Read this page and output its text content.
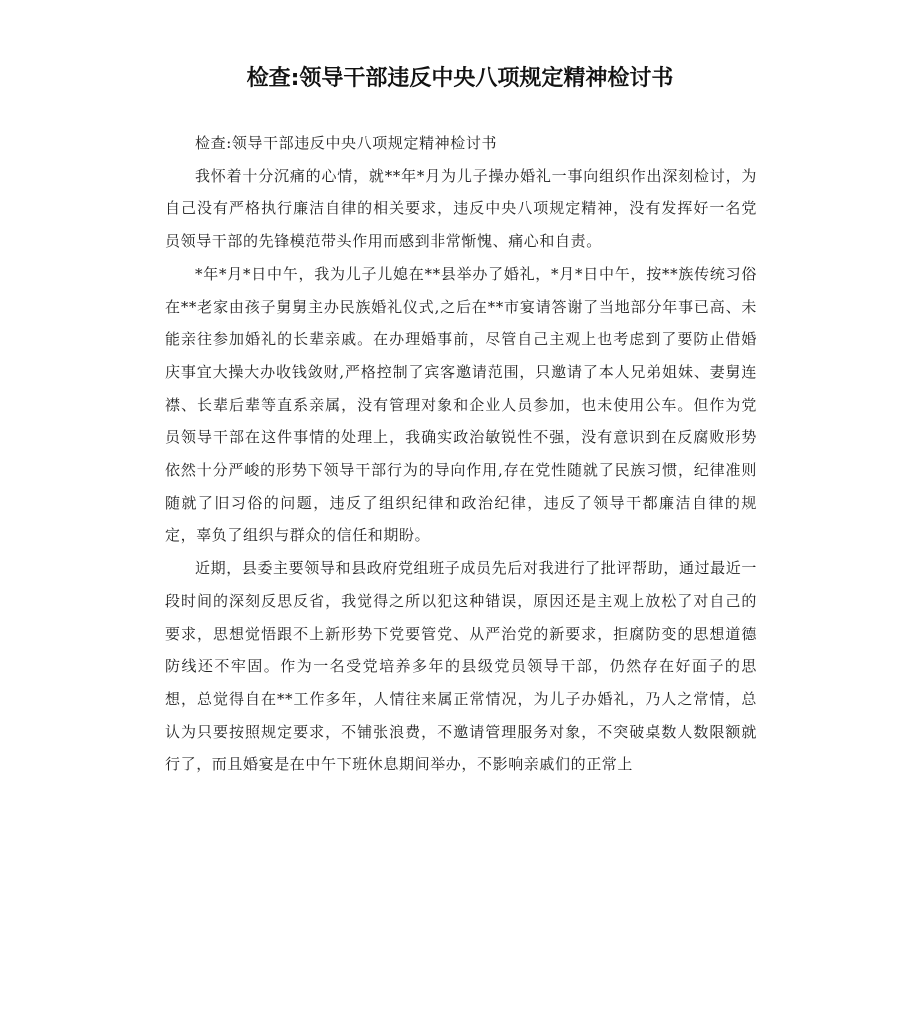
检查:领导干部违反中央八项规定精神检讨书

检查:领导干部违反中央八项规定精神检讨书

我怀着十分沉痛的心情，就**年*月为儿子操办婚礼一事向组织作出深刻检讨，为自己没有严格执行廉洁自律的相关要求，违反中央八项规定精神，没有发挥好一名党员领导干部的先锋模范带头作用而感到非常惭愧、痛心和自责。

*年*月*日中午，我为儿子儿媳在**县举办了婚礼，*月*日中午，按**族传统习俗在**老家由孩子舅舅主办民族婚礼仪式,之后在**市宴请答谢了当地部分年事已高、未能亲往参加婚礼的长辈亲戚。在办理婚事前，尽管自己主观上也考虑到了要防止借婚庆事宜大操大办收钱敛财,严格控制了宾客邀请范围，只邀请了本人兄弟姐妹、妻舅连襟、长辈后辈等直系亲属，没有管理对象和企业人员参加，也未使用公车。但作为党员领导干部在这件事情的处理上，我确实政治敏锐性不强，没有意识到在反腐败形势依然十分严峻的形势下领导干部行为的导向作用,存在党性随就了民族习惯，纪律准则随就了旧习俗的问题，违反了组织纪律和政治纪律，违反了领导干都廉洁自律的规定，辜负了组织与群众的信任和期盼。

近期，县委主要领导和县政府党组班子成员先后对我进行了批评帮助，通过最近一段时间的深刻反思反省，我觉得之所以犯这种错误，原因还是主观上放松了对自己的要求，思想觉悟跟不上新形势下党要管党、从严治党的新要求，拒腐防变的思想道德防线还不牢固。作为一名受党培养多年的县级党员领导干部，仍然存在好面子的思想，总觉得自在**工作多年，人情往来属正常情况，为儿子办婚礼，乃人之常情，总认为只要按照规定要求，不铺张浪费，不邀请管理服务对象，不突破桌数人数限额就行了，而且婚宴是在中午下班休息期间举办，不影响亲戚们的正常上
